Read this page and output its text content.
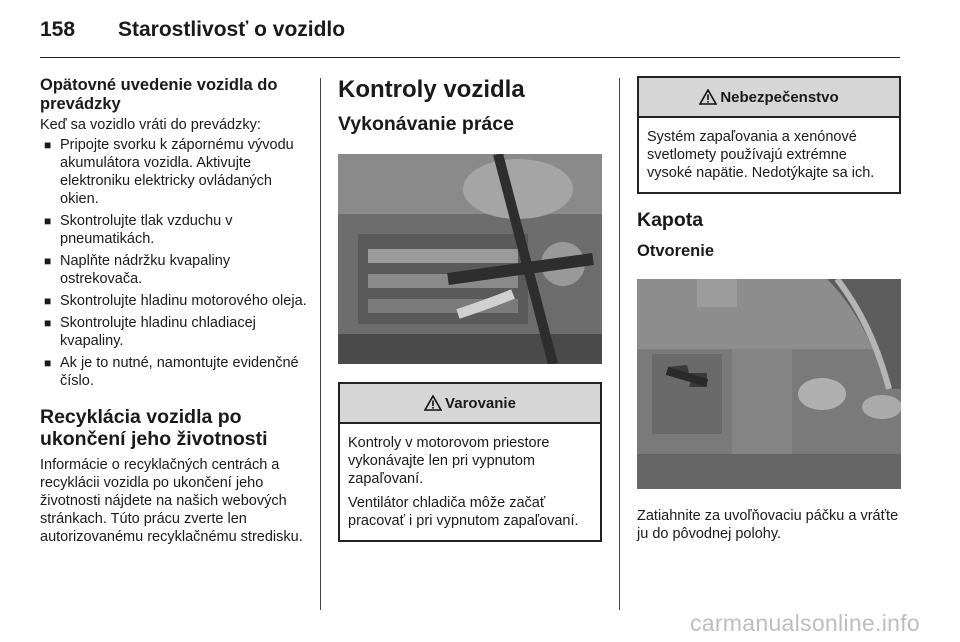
158	Starostlivosť o vozidlo
Opätovné uvedenie vozidla do prevádzky
Keď sa vozidlo vráti do prevádzky:
■ Pripojte svorku k zápornému vývodu akumulátora vozidla. Aktivujte elektroniku elektricky ovládaných okien.
■ Skontrolujte tlak vzduchu v pneumatikách.
■ Naplňte nádržku kvapaliny ostrekovača.
■ Skontrolujte hladinu motorového oleja.
■ Skontrolujte hladinu chladiacej kvapaliny.
■ Ak je to nutné, namontujte evidenčné číslo.
Recyklácia vozidla po ukončení jeho životnosti
Informácie o recyklačných centrách a recyklácii vozidla po ukončení jeho životnosti nájdete na našich webových stránkach. Túto prácu zverte len autorizovanému recyklačnému stredisku.
Kontroly vozidla
Vykonávanie práce
Varovanie
Kontroly v motorovom priestore vykonávajte len pri vypnutom zapaľovaní.
Ventilátor chladiča môže začať pracovať i pri vypnutom zapaľovaní.
Nebezpečenstvo
Systém zapaľovania a xenónové svetlomety používajú extrémne vysoké napätie. Nedotýkajte sa ich.
Kapota
Otvorenie
Zatiahnite za uvoľňovaciu páčku a vráťte ju do pôvodnej polohy.
carmanualsonline.info
